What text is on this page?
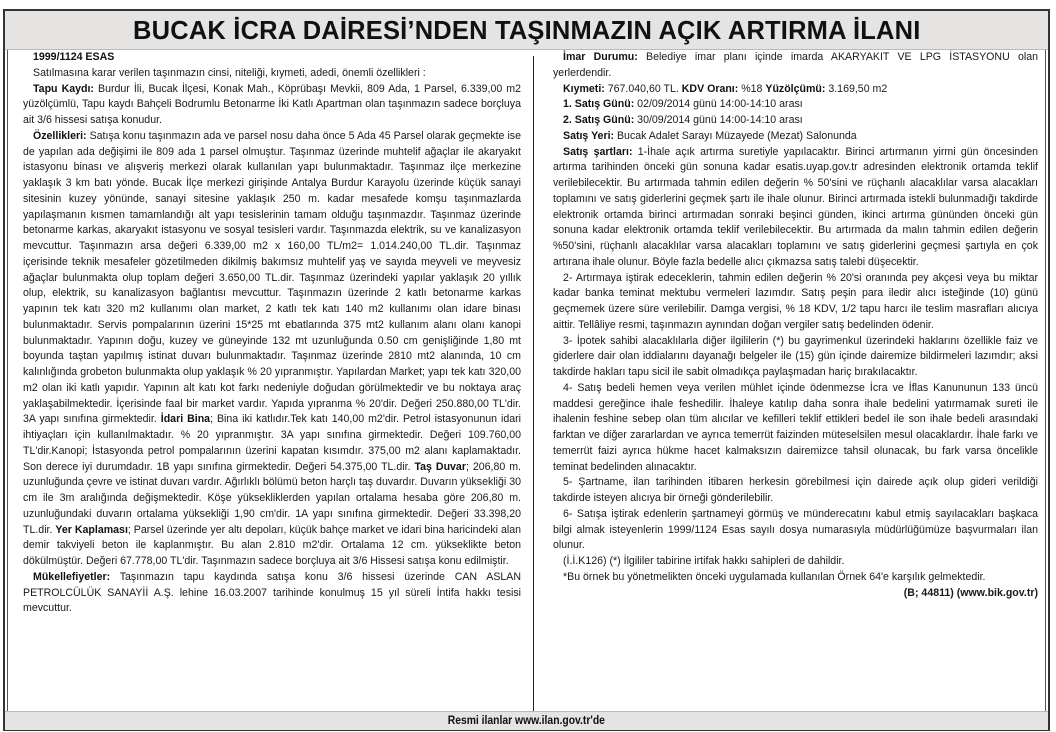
BUCAK İCRA DAİRESİ’NDEN TAŞINMAZIN AÇIK ARTIRMA İLANI

1999/1124 ESAS

Satılmasına karar verilen taşınmazın cinsi, niteliği, kıymeti, adedi, önemli özellikleri :

Tapu Kaydı: Burdur İli, Bucak İlçesi, Konak Mah., Köprübaşı Mevkii, 809 Ada, 1 Parsel, 6.339,00 m2 yüzölçümlü, Tapu kaydı Bahçeli Bodrumlu Betonarme İki Katlı Apartman olan taşınmazın sadece borçluya ait 3/6 hissesi satışa konudur.

Özellikleri: Satışa konu taşınmazın ada ve parsel nosu daha önce 5 Ada 45 Parsel olarak geçmekte ise de yapılan ada değişimi ile 809 ada 1 parsel olmuştur. Taşınmaz üzerinde muhtelif ağaçlar ile akaryakıt istasyonu binası ve alışveriş merkezi olarak kullanılan yapı bulunmaktadır. Taşınmaz ilçe merkezine yaklaşık 3 km batı yönde. Bucak İlçe merkezi girişinde Antalya Burdur Karayolu üzerinde küçük sanayi sitesinin kuzey yönünde, sanayi sitesine yaklaşık 250 m. kadar mesafede komşu taşınmazlarda yapılaşmanın kısmen tamamlandığı alt yapı tesislerinin tamam olduğu taşınmazdır. Taşınmaz üzerinde betonarme karkas, akaryakıt istasyonu ve sosyal tesisleri vardır. Taşınmazda elektrik, su ve kanalizasyon mevcuttur. Taşınmazın arsa değeri 6.339,00 m2 x 160,00 TL/m2= 1.014.240,00 TL.dir. Taşınmaz içerisinde teknik mesafeler gözetilmeden dikilmiş bakımsız muhtelif yaş ve sayıda meyveli ve meyvesiz ağaçlar bulunmakta olup toplam değeri 3.650,00 TL.dir. Taşınmaz üzerindeki yapılar yaklaşık 20 yıllık olup, elektrik, su kanalizasyon bağlantısı mevcuttur. Taşınmazın üzerinde 2 katlı betonarme karkas yapının tek katı 320 m2 kullanımı olan market, 2 katlı tek katı 140 m2 kullanımı olan idare binası bulunmaktadır. Servis pompalarının üzerini 15*25 mt ebatlarında 375 mt2 kullanım alanı olanı kanopi bulunmaktadır. Yapının doğu, kuzey ve güneyinde 132 mt uzunluğunda 0.50 cm genişliğinde 1,80 mt boyunda taştan yapılmış istinat duvarı bulunmaktadır. Taşınmaz üzerinde 2810 mt2 alanında, 10 cm kalınlığında grobeton bulunmakta olup yaklaşık % 20 yıpranmıştır. Yapılardan Market; yapı tek katı 320,00 m2 olan iki katlı yapıdır. Yapının alt katı kot farkı nedeniyle doğudan görülmektedir ve bu noktaya araç yaklaşabilmektedir. İçerisinde faal bir market vardır. Yapıda yıpranma % 20'dir. Değeri 250.880,00 TL'dir. 3A yapı sınıfına girmektedir. İdari Bina; Bina iki katlıdır.Tek katı 140,00 m2'dir. Petrol istasyonunun idari ihtiyaçları için kullanılmaktadır. % 20 yıpranmıştır. 3A yapı sınıfına girmektedir. Değeri 109.760,00 TL'dir.Kanopi; İstasyonda petrol pompalarının üzerini kapatan kısımdır. 375,00 m2 alanı kaplamaktadır. Son derece iyi durumdadır. 1B yapı sınıfına girmektedir. Değeri 54.375,00 TL.dir. Taş Duvar; 206,80 m. uzunluğunda çevre ve istinat duvarı vardır. Ağırlıklı bölümü beton harçlı taş duvardır. Duvarın yüksekliği 30 cm ile 3m aralığında değişmektedir. Köşe yüksekliklerden yapılan ortalama hesaba göre 206,80 m. uzunluğundaki duvarın ortalama yüksekliği 1,90 cm'dir. 1A yapı sınıfına girmektedir. Değeri 33.398,20 TL.dir. Yer Kaplaması; Parsel üzerinde yer altı depoları, küçük bahçe market ve idari bina haricindeki alan demir takviyeli beton ile kaplanmıştır. Bu alan 2.810 m2'dir. Ortalama 12 cm. yükseklikte beton dökülmüştür. Değeri 67.778,00 TL'dir. Taşınmazın sadece borçluya ait 3/6 Hissesi satışa konu edilmiştir.

Mükellefiyetler: Taşınmazın tapu kaydında satışa konu 3/6 hissesi üzerinde CAN ASLAN PETROLCÜLÜK SANAYİİ A.Ş. lehine 16.03.2007 tarihinde konulmuş 15 yıl süreli İntifa hakkı tesisi mevcuttur.

İmar Durumu: Belediye imar planı içinde imarda AKARYAKIT VE LPG İSTASYONU olan yerlerdendir.

Kıymeti: 767.040,60 TL. KDV Oranı: %18 Yüzölçümü: 3.169,50 m2

1. Satış Günü: 02/09/2014 günü 14:00-14:10 arası

2. Satış Günü: 30/09/2014 günü 14:00-14:10 arası

Satış Yeri: Bucak Adalet Sarayı Müzayede (Mezat) Salonunda

Satış şartları: 1-İhale açık artırma suretiyle yapılacaktır. Birinci artırmanın yirmi gün öncesinden artırma tarihinden önceki gün sonuna kadar esatis.uyap.gov.tr adresinden elektronik ortamda teklif verilebilecektir. Bu artırmada tahmin edilen değerin % 50'sini ve rüçhanlı alacaklılar varsa alacakları toplamını ve satış giderlerini geçmek şartı ile ihale olunur. Birinci artırmada istekli bulunmadığı takdirde elektronik ortamda birinci artırmadan sonraki beşinci günden, ikinci artırma gününden önceki gün sonuna kadar elektronik ortamda teklif verilebilecektir. Bu artırmada da malın tahmin edilen değerin %50'sini, rüçhanlı alacaklılar varsa alacakları toplamını ve satış giderlerini geçmesi şartıyla en çok artırana ihale olunur. Böyle fazla bedelle alıcı çıkmazsa satış talebi düşecektir.

2- Artırmaya iştirak edeceklerin, tahmin edilen değerin % 20'si oranında pey akçesi veya bu miktar kadar banka teminat mektubu vermeleri lazımdır. Satış peşin para iledir alıcı isteğinde (10) günü geçmemek üzere süre verilebilir. Damga vergisi, % 18 KDV, 1/2 tapu harcı ile teslim masrafları alıcıya aittir. Tellâliye resmi, taşınmazın aynından doğan vergiler satış bedelinden ödenir.

3- İpotek sahibi alacaklılarla diğer ilgililerin (*) bu gayrimenkul üzerindeki haklarını özellikle faiz ve giderlere dair olan iddialarını dayanağı belgeler ile (15) gün içinde dairemize bildirmeleri lazımdır; aksi takdirde hakları tapu sicil ile sabit olmadıkça paylaşmadan hariç bırakılacaktır.

4- Satış bedeli hemen veya verilen mühlet içinde ödenmezse İcra ve İflas Kanununun 133 üncü maddesi gereğince ihale feshedilir. İhaleye katılıp daha sonra ihale bedelini yatırmamak sureti ile ihalenin feshine sebep olan tüm alıcılar ve kefilleri teklif ettikleri bedel ile son ihale bedeli arasındaki farktan ve diğer zararlardan ve ayrıca temerrüt faizinden müteselsilen mesul olacaklardır. İhale farkı ve temerrüt faizi ayrıca hükme hacet kalmaksızın dairemizce tahsil olunacak, bu fark varsa öncelikle teminat bedelinden alınacaktır.

5- Şartname, ilan tarihinden itibaren herkesin görebilmesi için dairede açık olup gideri verildiği takdirde isteyen alıcıya bir örneği gönderilebilir.

6- Satışa iştirak edenlerin şartnameyi görmüş ve münderecatını kabul etmiş sayılacakları başkaca bilgi almak isteyenlerin 1999/1124 Esas sayılı dosya numarasıyla müdürlüğümüze başvurmaları ilan olunur.

(İ.İ.K126) (*) İlgililer tabirine irtifak hakkı sahipleri de dahildir.

*Bu örnek bu yönetmelikten önceki uygulamada kullanılan Örnek 64'e karşılık gelmektedir.

(B; 44811) (www.bik.gov.tr)

Resmi ilanlar www.ilan.gov.tr'de
